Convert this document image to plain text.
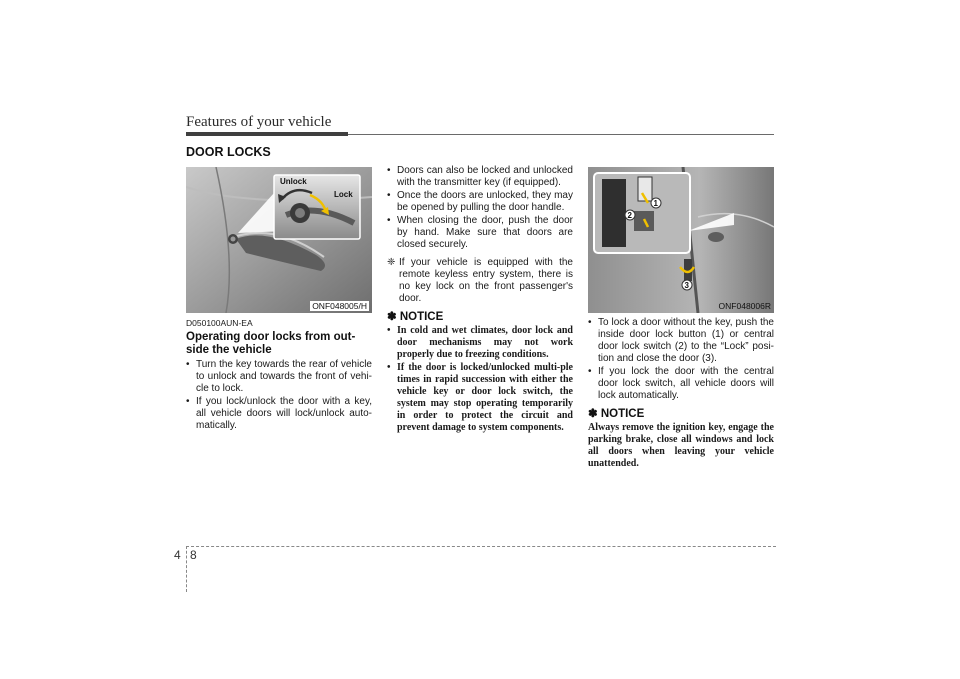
Features of your vehicle
DOOR LOCKS
Unlock
Lock
ONF048005/H
D050100AUN-EA
Operating door locks from out-side the vehicle
• Turn the key towards the rear of vehicle to unlock and towards the front of vehi-cle to lock.
• If you lock/unlock the door with a key, all vehicle doors will lock/unlock auto-matically.
• Doors can also be locked and unlocked with the transmitter key (if equipped).
• Once the doors are unlocked, they may be opened by pulling the door handle.
• When closing the door, push the door by hand. Make sure that doors are closed securely.
❈ If your vehicle is equipped with the remote keyless entry system, there is no key lock on the front passenger's door.
✽ NOTICE
• In cold and wet climates, door lock and door mechanisms may not work properly due to freezing conditions.
• If the door is locked/unlocked multi-ple times in rapid succession with either the vehicle key or door lock switch, the system may stop operating temporarily in order to protect the circuit and prevent damage to system components.
1
2
3
ONF048006R
• To lock a door without the key, push the inside door lock button (1) or central door lock switch (2) to the “Lock” posi-tion and close the door (3).
• If you lock the door with the central door lock switch, all vehicle doors will lock automatically.
✽ NOTICE
Always remove the ignition key, engage the parking brake, close all windows and lock all doors when leaving your vehicle unattended.
4 8
